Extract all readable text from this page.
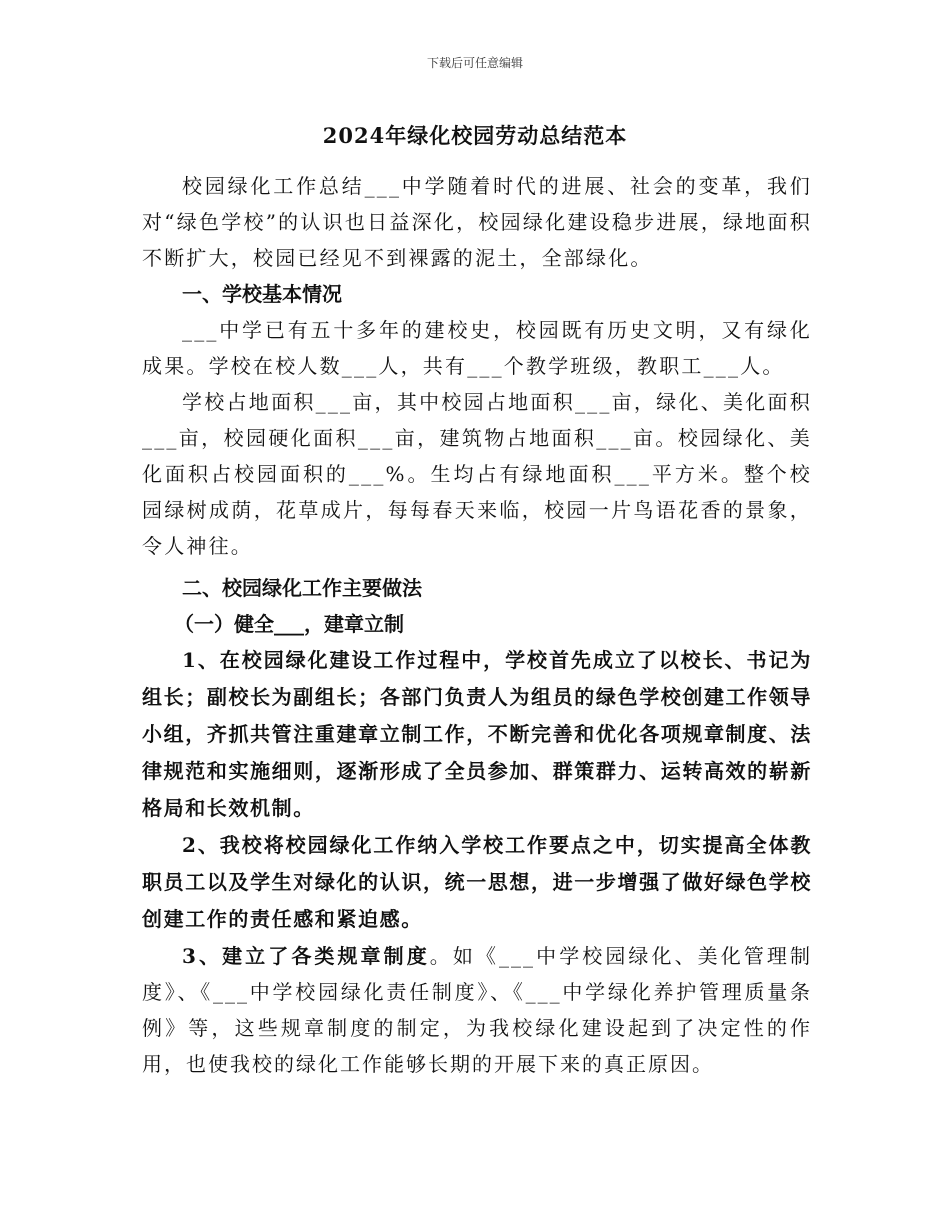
下载后可任意编辑
2024年绿化校园劳动总结范本

校园绿化工作总结___中学随着时代的进展、社会的变革，我们对“绿色学校”的认识也日益深化，校园绿化建设稳步进展，绿地面积不断扩大，校园已经见不到裸露的泥土，全部绿化。

一、学校基本情况

___中学已有五十多年的建校史，校园既有历史文明，又有绿化成果。学校在校人数___人，共有___个教学班级，教职工___人。

学校占地面积___亩，其中校园占地面积___亩，绿化、美化面积___亩，校园硬化面积___亩，建筑物占地面积___亩。校园绿化、美化面积占校园面积的___%。生均占有绿地面积___平方米。整个校园绿树成荫，花草成片，每每春天来临，校园一片鸟语花香的景象，令人神往。

二、校园绿化工作主要做法

（一）健全___，建章立制

1、在校园绿化建设工作过程中，学校首先成立了以校长、书记为组长；副校长为副组长；各部门负责人为组员的绿色学校创建工作领导小组，齐抓共管注重建章立制工作，不断完善和优化各项规章制度、法律规范和实施细则，逐渐形成了全员参加、群策群力、运转高效的崭新格局和长效机制。

2、我校将校园绿化工作纳入学校工作要点之中，切实提高全体教职员工以及学生对绿化的认识，统一思想，进一步增强了做好绿色学校创建工作的责任感和紧迫感。

3、建立了各类规章制度。如《___中学校园绿化、美化管理制度》、《___中学校园绿化责任制度》、《___中学绿化养护管理质量条例》等，这些规章制度的制定，为我校绿化建设起到了决定性的作用，也使我校的绿化工作能够长期的开展下来的真正原因。
